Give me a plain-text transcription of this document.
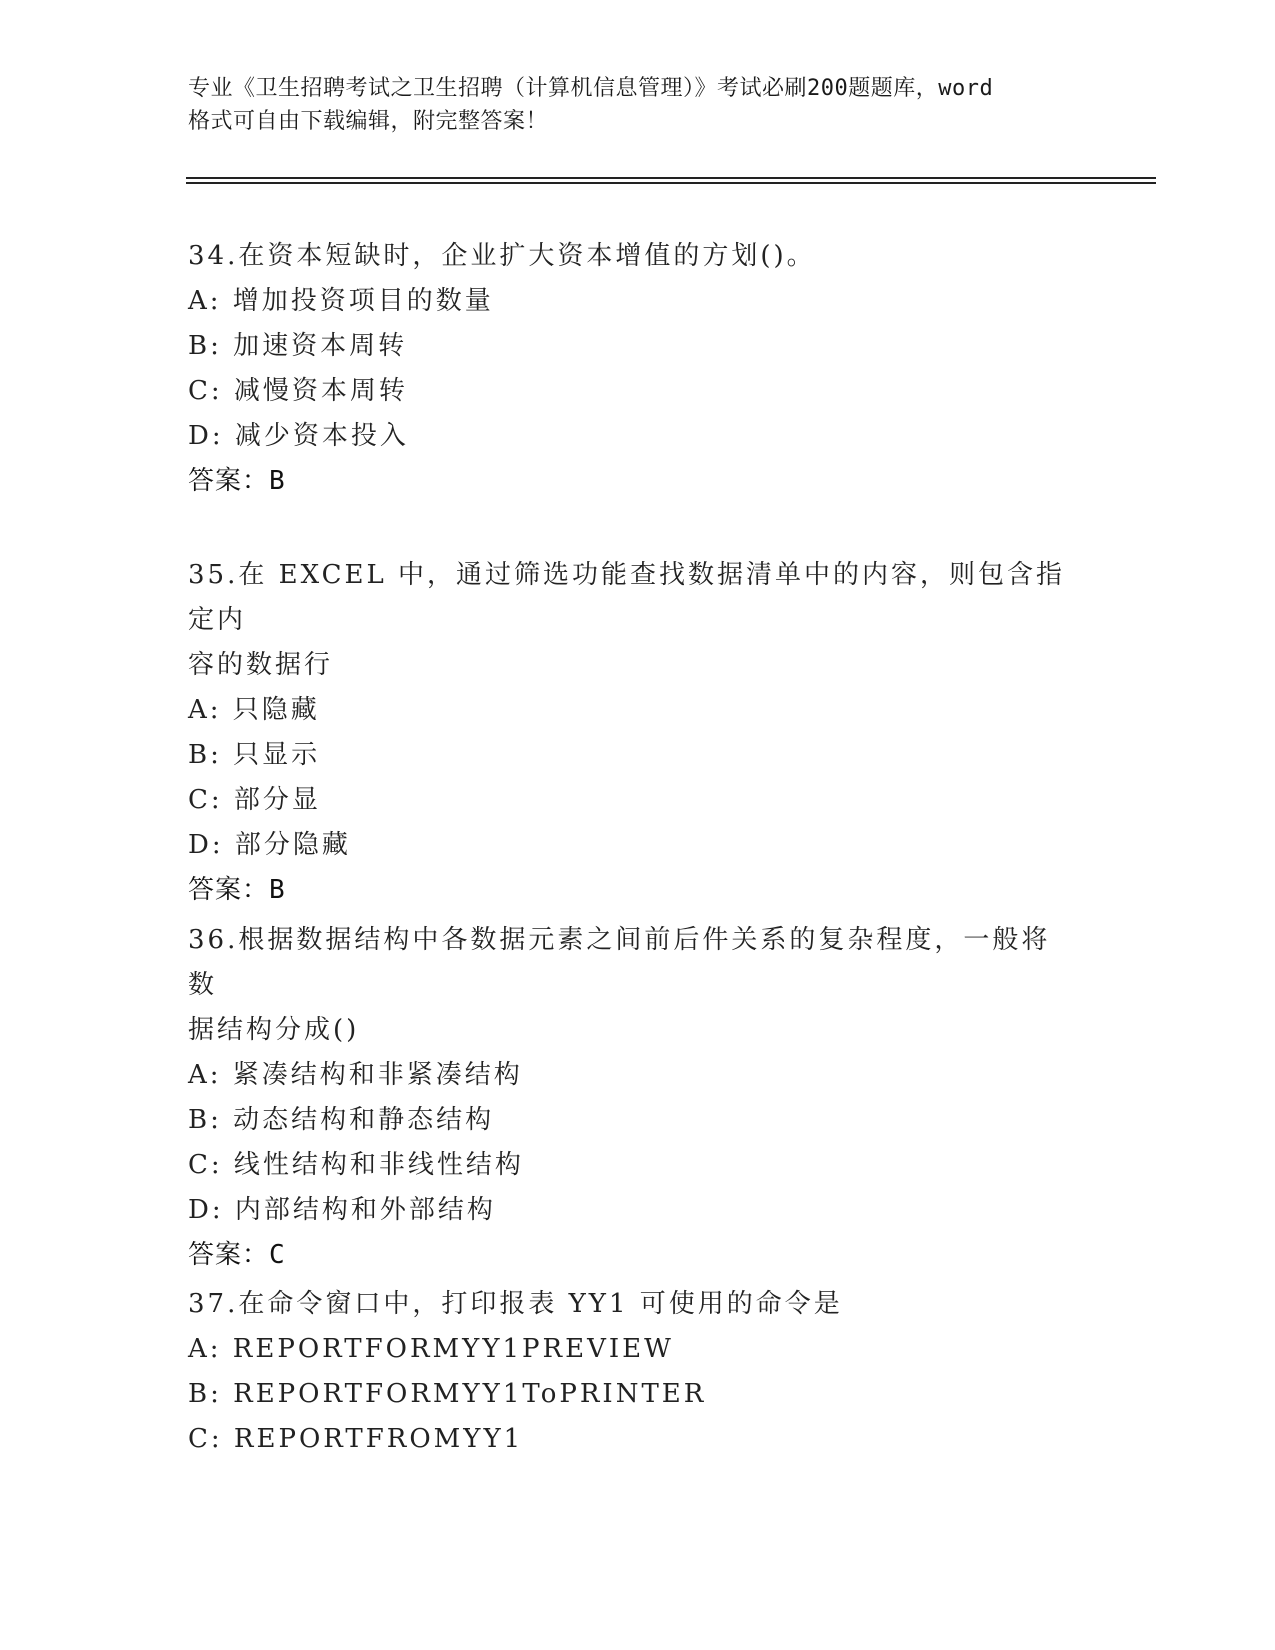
专业《卫生招聘考试之卫生招聘（计算机信息管理）》考试必刷200题题库，word
格式可自由下载编辑，附完整答案！

34.在资本短缺时，企业扩大资本增值的方划()。

A: 增加投资项目的数量

B: 加速资本周转

C: 减慢资本周转

D: 减少资本投入

答案：B

35.在 EXCEL 中，通过筛选功能查找数据清单中的内容，则包含指定内

容的数据行

A: 只隐藏

B: 只显示

C: 部分显

D: 部分隐藏

答案：B

36.根据数据结构中各数据元素之间前后件关系的复杂程度，一般将数

据结构分成()

A: 紧凑结构和非紧凑结构

B: 动态结构和静态结构

C: 线性结构和非线性结构

D: 内部结构和外部结构

答案：C

37.在命令窗口中，打印报表 YY1 可使用的命令是

A: REPORTFORMYY1PREVIEW

B: REPORTFORMYY1ToPRINTER

C: REPORTFROMYY1
